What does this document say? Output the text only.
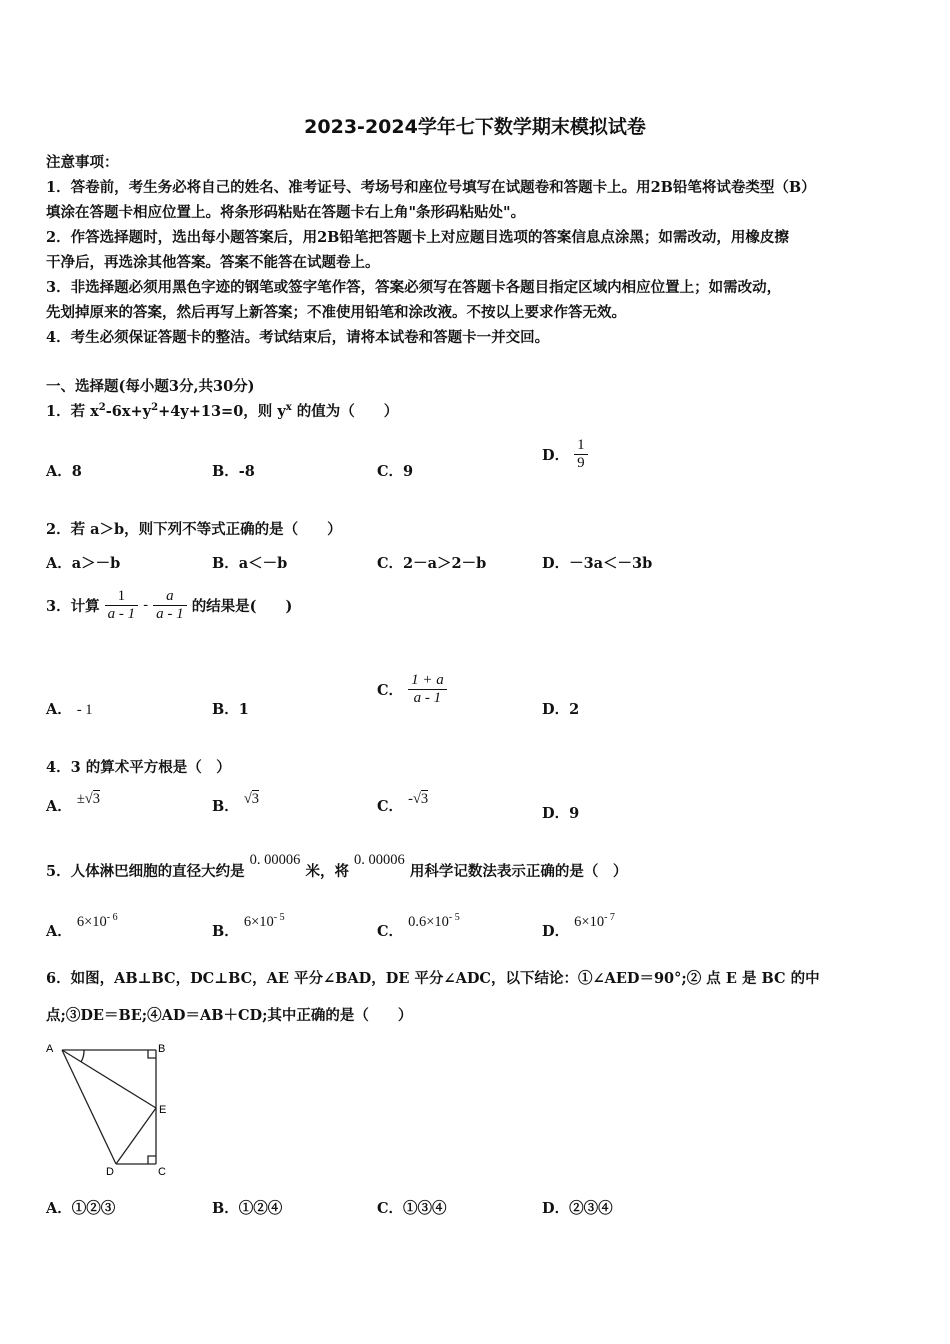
2023-2024学年七下数学期末模拟试卷

注意事项：

1．答卷前，考生务必将自己的姓名、准考证号、考场号和座位号填写在试题卷和答题卡上。用2B铅笔将试卷类型（B）

填涂在答题卡相应位置上。将条形码粘贴在答题卡右上角"条形码粘贴处"。

2．作答选择题时，选出每小题答案后，用2B铅笔把答题卡上对应题目选项的答案信息点涂黑；如需改动，用橡皮擦

干净后，再选涂其他答案。答案不能答在试题卷上。

3．非选择题必须用黑色字迹的钢笔或签字笔作答，答案必须写在答题卡各题目指定区域内相应位置上；如需改动，

先划掉原来的答案，然后再写上新答案；不准使用铅笔和涂改液。不按以上要求作答无效。

4．考生必须保证答题卡的整洁。考试结束后，请将本试卷和答题卡一并交回。

一、选择题(每小题3分,共30分)
1．若 $x^2-6x+y^2+4y+13=0$，则 $y^x$ 的值为（　　）
A．8	B．-8	C．9
D． $\frac{1}{9}$
2．若 a＞b，则下列不等式正确的是（　　）
A．a＞－b	B．a＜－b	C．2－a＞2－b	D．－3a＜－3b
3．计算 $\frac{1}{a - 1} - \frac{a}{a - 1}$ 的结果是(　　)
A． - 1	B．1
C． $\frac{1 + a}{a - 1}$
D．2
4．3 的算术平方根是（　）
A． ±√3	B． √3	C． -√3
D．9
5．人体淋巴细胞的直径大约是 0. 00006 米，将 0. 00006 用科学记数法表示正确的是（　）
A． $6\times 10^{- 6}$
B． $6\times 10^{- 5}$
C． $0.6\times 10^{- 5}$
D． $6\times 10^{- 7}$
6．如图，AB⊥BC，DC⊥BC，AE 平分∠BAD，DE 平分∠ADC，以下结论：①∠AED＝90°;② 点 E 是 BC 的中
点;③DE＝BE;④AD＝AB＋CD;其中正确的是（　　）
A	B
E
D	C
A．①②③	B．①②④	C．①③④	D．②③④
